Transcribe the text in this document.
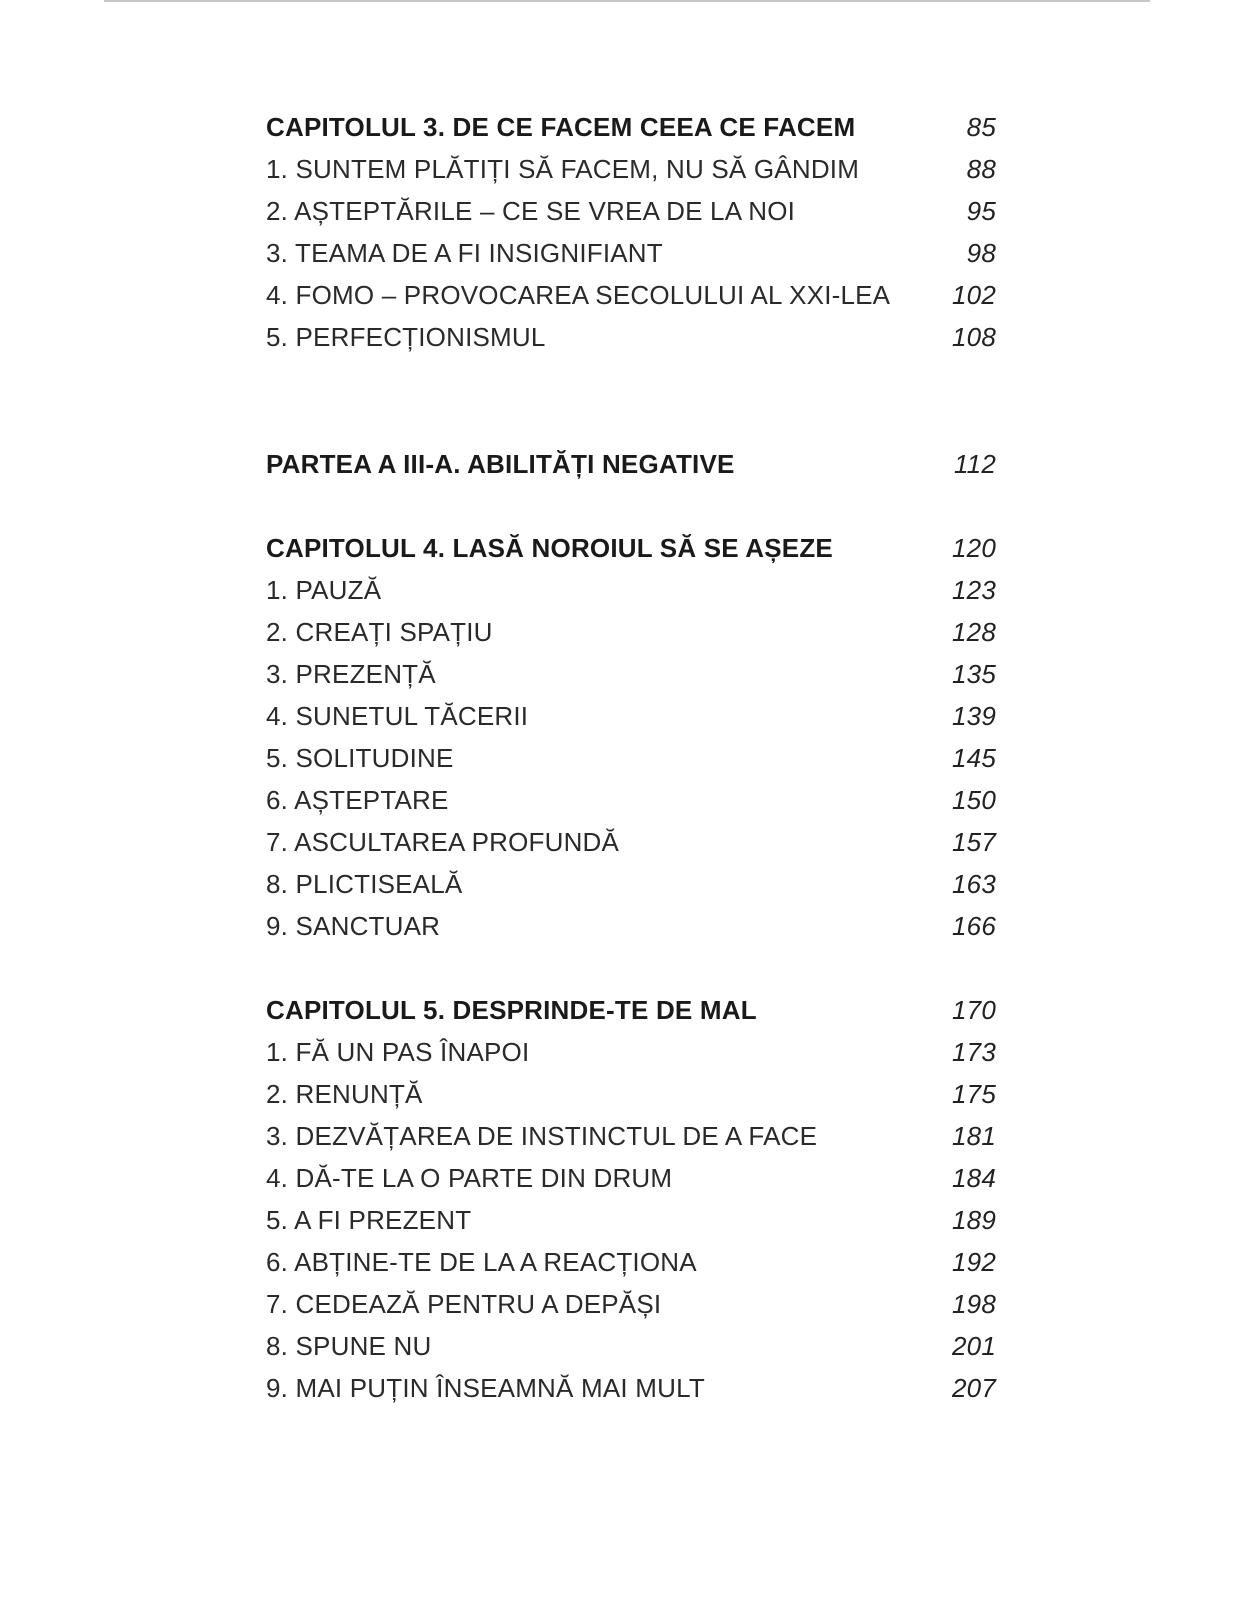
CAPITOLUL 3. DE CE FACEM CEEA CE FACEM	85
1. SUNTEM PLĂTIȚI SĂ FACEM, NU SĂ GÂNDIM	88
2. AȘTEPTĂRILE – CE SE VREA DE LA NOI	95
3. TEAMA DE A FI INSIGNIFIANT	98
4. FOMO – PROVOCAREA SECOLULUI AL XXI-LEA 102
5. PERFECȚIONISMUL	108
PARTEA A III-A. ABILITĂȚI NEGATIVE	112
CAPITOLUL 4. LASĂ NOROIUL SĂ SE AȘEZE	120
1. PAUZĂ	123
2. CREAȚI SPAȚIU	128
3. PREZENȚĂ	135
4. SUNETUL TĂCERII	139
5. SOLITUDINE	145
6. AȘTEPTARE	150
7. ASCULTAREA PROFUNDĂ	157
8. PLICTISEALĂ	163
9. SANCTUAR	166
CAPITOLUL 5. DESPRINDE-TE DE MAL	170
1. FĂ UN PAS ÎNAPOI	173
2. RENUNȚĂ	175
3. DEZVĂȚAREA DE INSTINCTUL DE A FACE	181
4. DĂ-TE LA O PARTE DIN DRUM	184
5. A FI PREZENT	189
6. ABȚINE-TE DE LA A REACȚIONA	192
7. CEDEAZĂ PENTRU A DEPĂȘI	198
8. SPUNE NU	201
9. MAI PUȚIN ÎNSEAMNĂ MAI MULT	207
